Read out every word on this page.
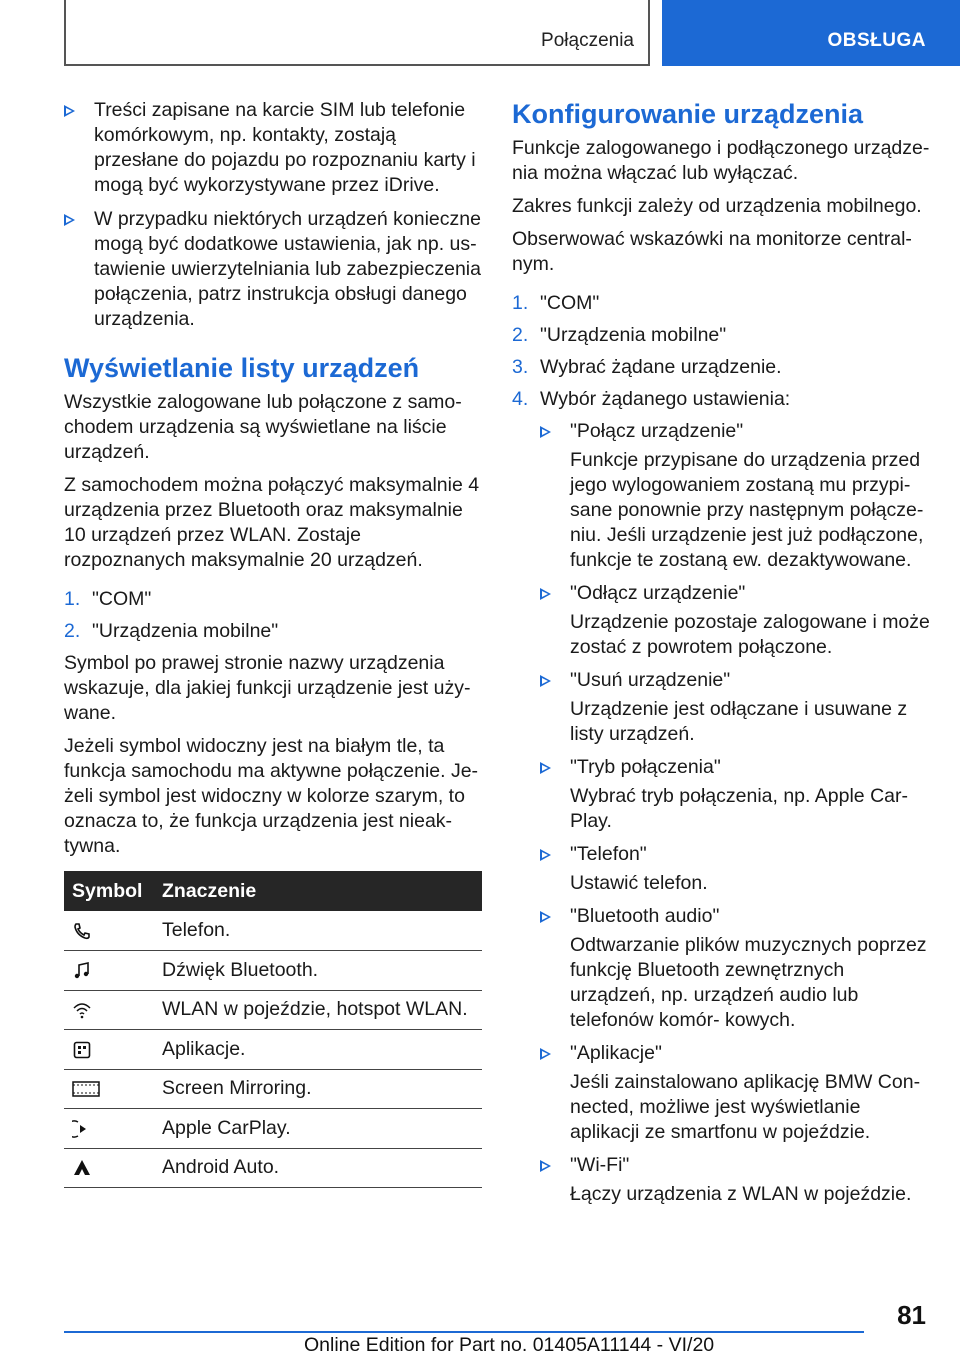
Połączenia	OBSŁUGA
Treści zapisane na karcie SIM lub telefonie komórkowym, np. kontakty, zostają przesłane do pojazdu po rozpoznaniu karty i mogą być wykorzystywane przez iDrive.
W przypadku niektórych urządzeń konieczne mogą być dodatkowe ustawienia, jak np. us- tawienie uwierzytelniania lub zabezpieczenia połączenia, patrz instrukcja obsługi danego urządzenia.
Wyświetlanie listy urządzeń

Wszystkie zalogowane lub połączone z samo- chodem urządzenia są wyświetlane na liście urządzeń.

Z samochodem można połączyć maksymalnie 4 urządzenia przez Bluetooth oraz maksymalnie 10 urządzeń przez WLAN. Zostaje rozpoznanych maksymalnie 20 urządzeń.

1. "COM"
2. "Urządzenia mobilne"

Symbol po prawej stronie nazwy urządzenia wskazuje, dla jakiej funkcji urządzenie jest uży- wane.

Jeżeli symbol widoczny jest na białym tle, ta funkcja samochodu ma aktywne połączenie. Je- żeli symbol jest widoczny w kolorze szarym, to oznacza to, że funkcja urządzenia jest nieak- tywna.

Symbol	Znaczenie
	Telefon.
	Dźwięk Bluetooth.
	WLAN w pojeździe, hotspot WLAN.
	Aplikacje.
	Screen Mirroring.
	Apple CarPlay.
	Android Auto.
Konfigurowanie urządzenia

Funkcje zalogowanego i podłączonego urządze- nia można włączać lub wyłączać.

Zakres funkcji zależy od urządzenia mobilnego.

Obserwować wskazówki na monitorze central- nym.

1. "COM"
2. "Urządzenia mobilne"
3. Wybrać żądane urządzenie.
4. Wybór żądanego ustawienia:
"Połącz urządzenie"

Funkcje przypisane do urządzenia przed jego wylogowaniem zostaną mu przypi- sane ponownie przy następnym połącze- niu. Jeśli urządzenie jest już podłączone, funkcje te zostaną ew. dezaktywowane.

"Odłącz urządzenie"

Urządzenie pozostaje zalogowane i może zostać z powrotem połączone.

"Usuń urządzenie"

Urządzenie jest odłączane i usuwane z listy urządzeń.

"Tryb połączenia"

Wybrać tryb połączenia, np. Apple Car- Play.

"Telefon"

Ustawić telefon.

"Bluetooth audio"

Odtwarzanie plików muzycznych poprzez funkcję Bluetooth zewnętrznych urządzeń, np. urządzeń audio lub telefonów komór- kowych.

"Aplikacje"

Jeśli zainstalowano aplikację BMW Con- nected, możliwe jest wyświetlanie aplikacji ze smartfonu w pojeździe.

"Wi-Fi"

Łączy urządzenia z WLAN w pojeździe.

81
Online Edition for Part no. 01405A11144 - VI/20
